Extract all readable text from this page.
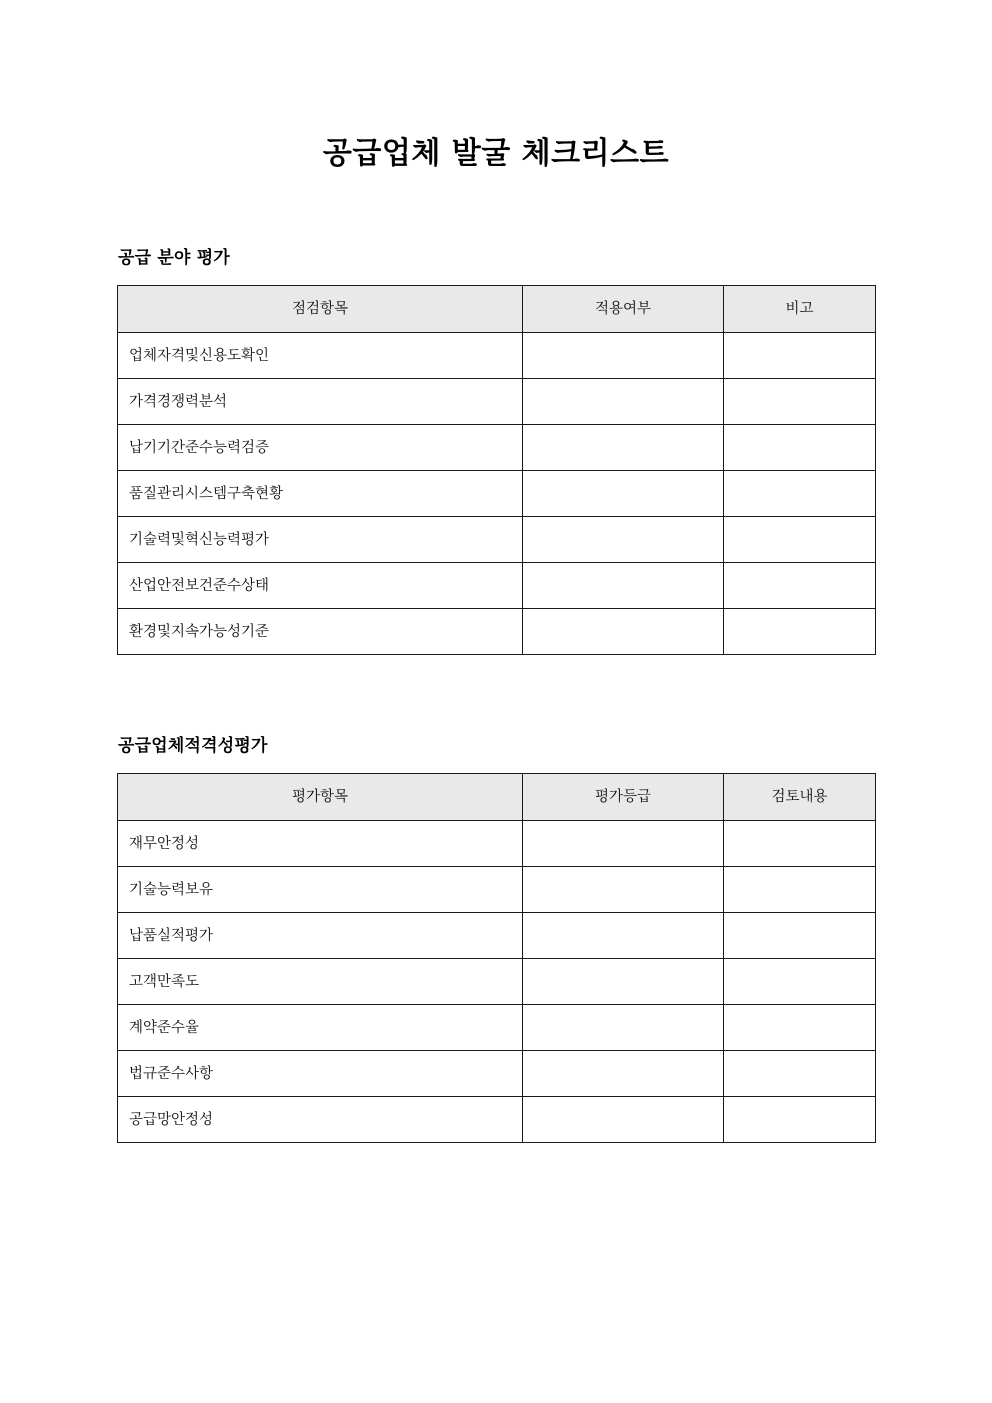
공급업체 발굴 체크리스트
공급 분야 평가
점검항목	적용여부	비고
업체자격및신용도확인		
가격경쟁력분석		
납기기간준수능력검증		
품질관리시스템구축현황		
기술력및혁신능력평가		
산업안전보건준수상태		
환경및지속가능성기준		
공급업체적격성평가
평가항목	평가등급	검토내용
재무안정성		
기술능력보유		
납품실적평가		
고객만족도		
계약준수율		
법규준수사항		
공급망안정성		
